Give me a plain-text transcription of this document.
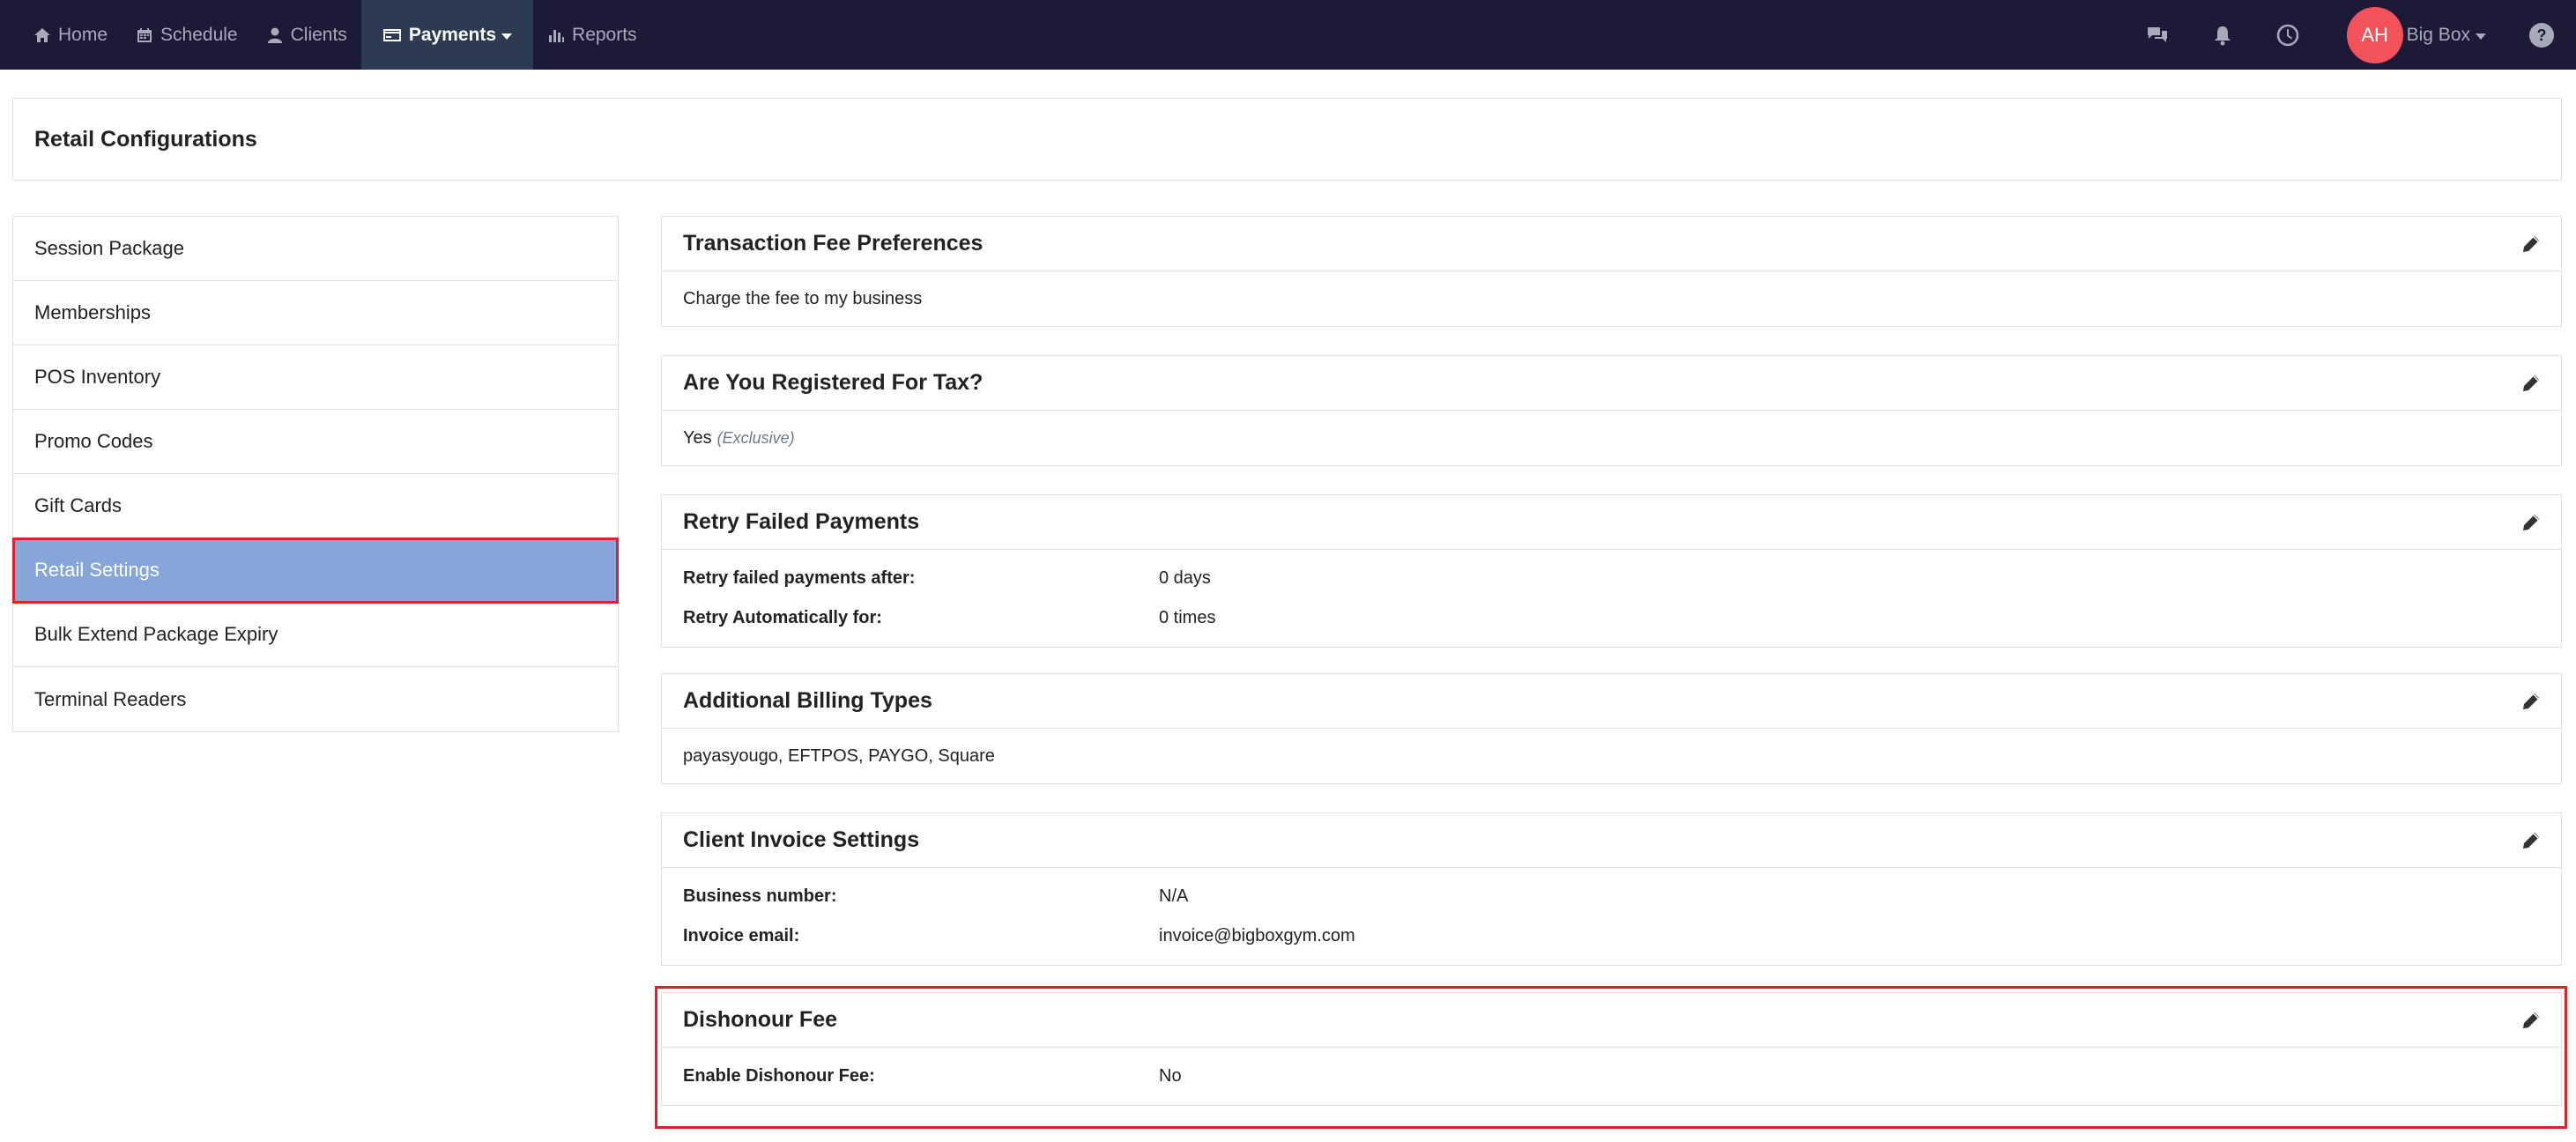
Home	Schedule	Clients	Payments	Reports	AH Big Box	?
Retail Configurations
Session Package
Memberships
POS Inventory
Promo Codes
Gift Cards
Retail Settings
Bulk Extend Package Expiry
Terminal Readers
Transaction Fee Preferences
Charge the fee to my business
Are You Registered For Tax?
Yes (Exclusive)
Retry Failed Payments
Retry failed payments after:	0 days
Retry Automatically for:	0 times
Additional Billing Types
payasyougo, EFTPOS, PAYGO, Square
Client Invoice Settings
Business number:	N/A
Invoice email:	invoice@bigboxgym.com
Dishonour Fee
Enable Dishonour Fee:	No
